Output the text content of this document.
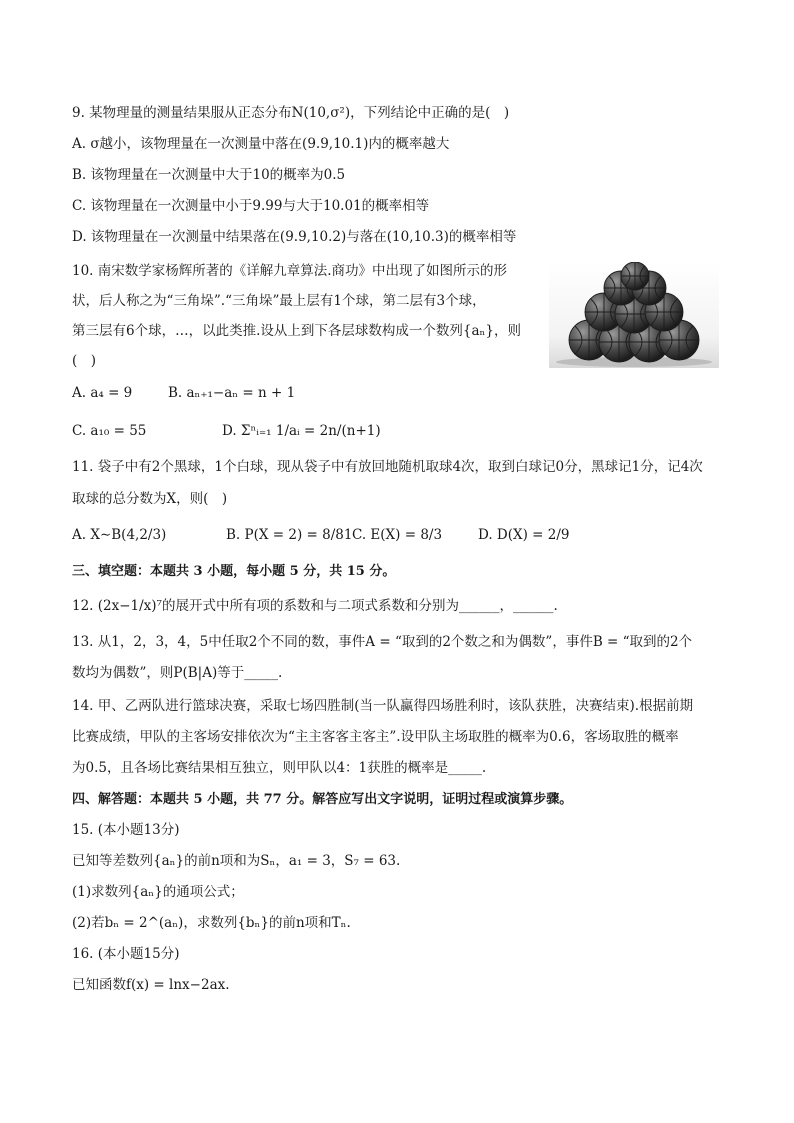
9. 某物理量的测量结果服从正态分布N(10,σ²)，下列结论中正确的是(　)
A. σ越小，该物理量在一次测量中落在(9.9,10.1)内的概率越大
B. 该物理量在一次测量中大于10的概率为0.5
C. 该物理量在一次测量中小于9.99与大于10.01的概率相等
D. 该物理量在一次测量中结果落在(9.9,10.2)与落在(10,10.3)的概率相等
10. 南宋数学家杨辉所著的《详解九章算法.商功》中出现了如图所示的形
状，后人称之为“三角垛”.“三角垛”最上层有1个球，第二层有3个球，
第三层有6个球，…，以此类推.设从上到下各层球数构成一个数列{aₙ}，则
(　)
A. a₄ = 9	B. aₙ₊₁−aₙ = n + 1
C. a₁₀ = 55	D. Σⁿᵢ₌₁ 1/aᵢ = 2n/(n+1)
11. 袋子中有2个黑球，1个白球，现从袋子中有放回地随机取球4次，取到白球记0分，黑球记1分，记4次
取球的总分数为X，则(　)
A. X∼B(4,2/3)	B. P(X = 2) = 8/81 C. E(X) = 8/3	D. D(X) = 2/9
三、填空题：本题共 3 小题，每小题 5 分，共 15 分。
12. (2x−1/x)⁷的展开式中所有项的系数和与二项式系数和分别为______，______.
13. 从1，2，3，4，5中任取2个不同的数，事件A = “取到的2个数之和为偶数”，事件B = “取到的2个
数均为偶数”，则P(B|A)等于_____.
14. 甲、乙两队进行篮球决赛，采取七场四胜制(当一队赢得四场胜利时，该队获胜，决赛结束).根据前期
比赛成绩，甲队的主客场安排依次为“主主客客主客主”.设甲队主场取胜的概率为0.6，客场取胜的概率
为0.5，且各场比赛结果相互独立，则甲队以4：1获胜的概率是_____.
四、解答题：本题共 5 小题，共 77 分。解答应写出文字说明，证明过程或演算步骤。
15. (本小题13分)
已知等差数列{aₙ}的前n项和为Sₙ，a₁ = 3，S₇ = 63.
(1)求数列{aₙ}的通项公式；
(2)若bₙ = 2^(aₙ)，求数列{bₙ}的前n项和Tₙ.
16. (本小题15分)
已知函数f(x) = lnx−2ax.
